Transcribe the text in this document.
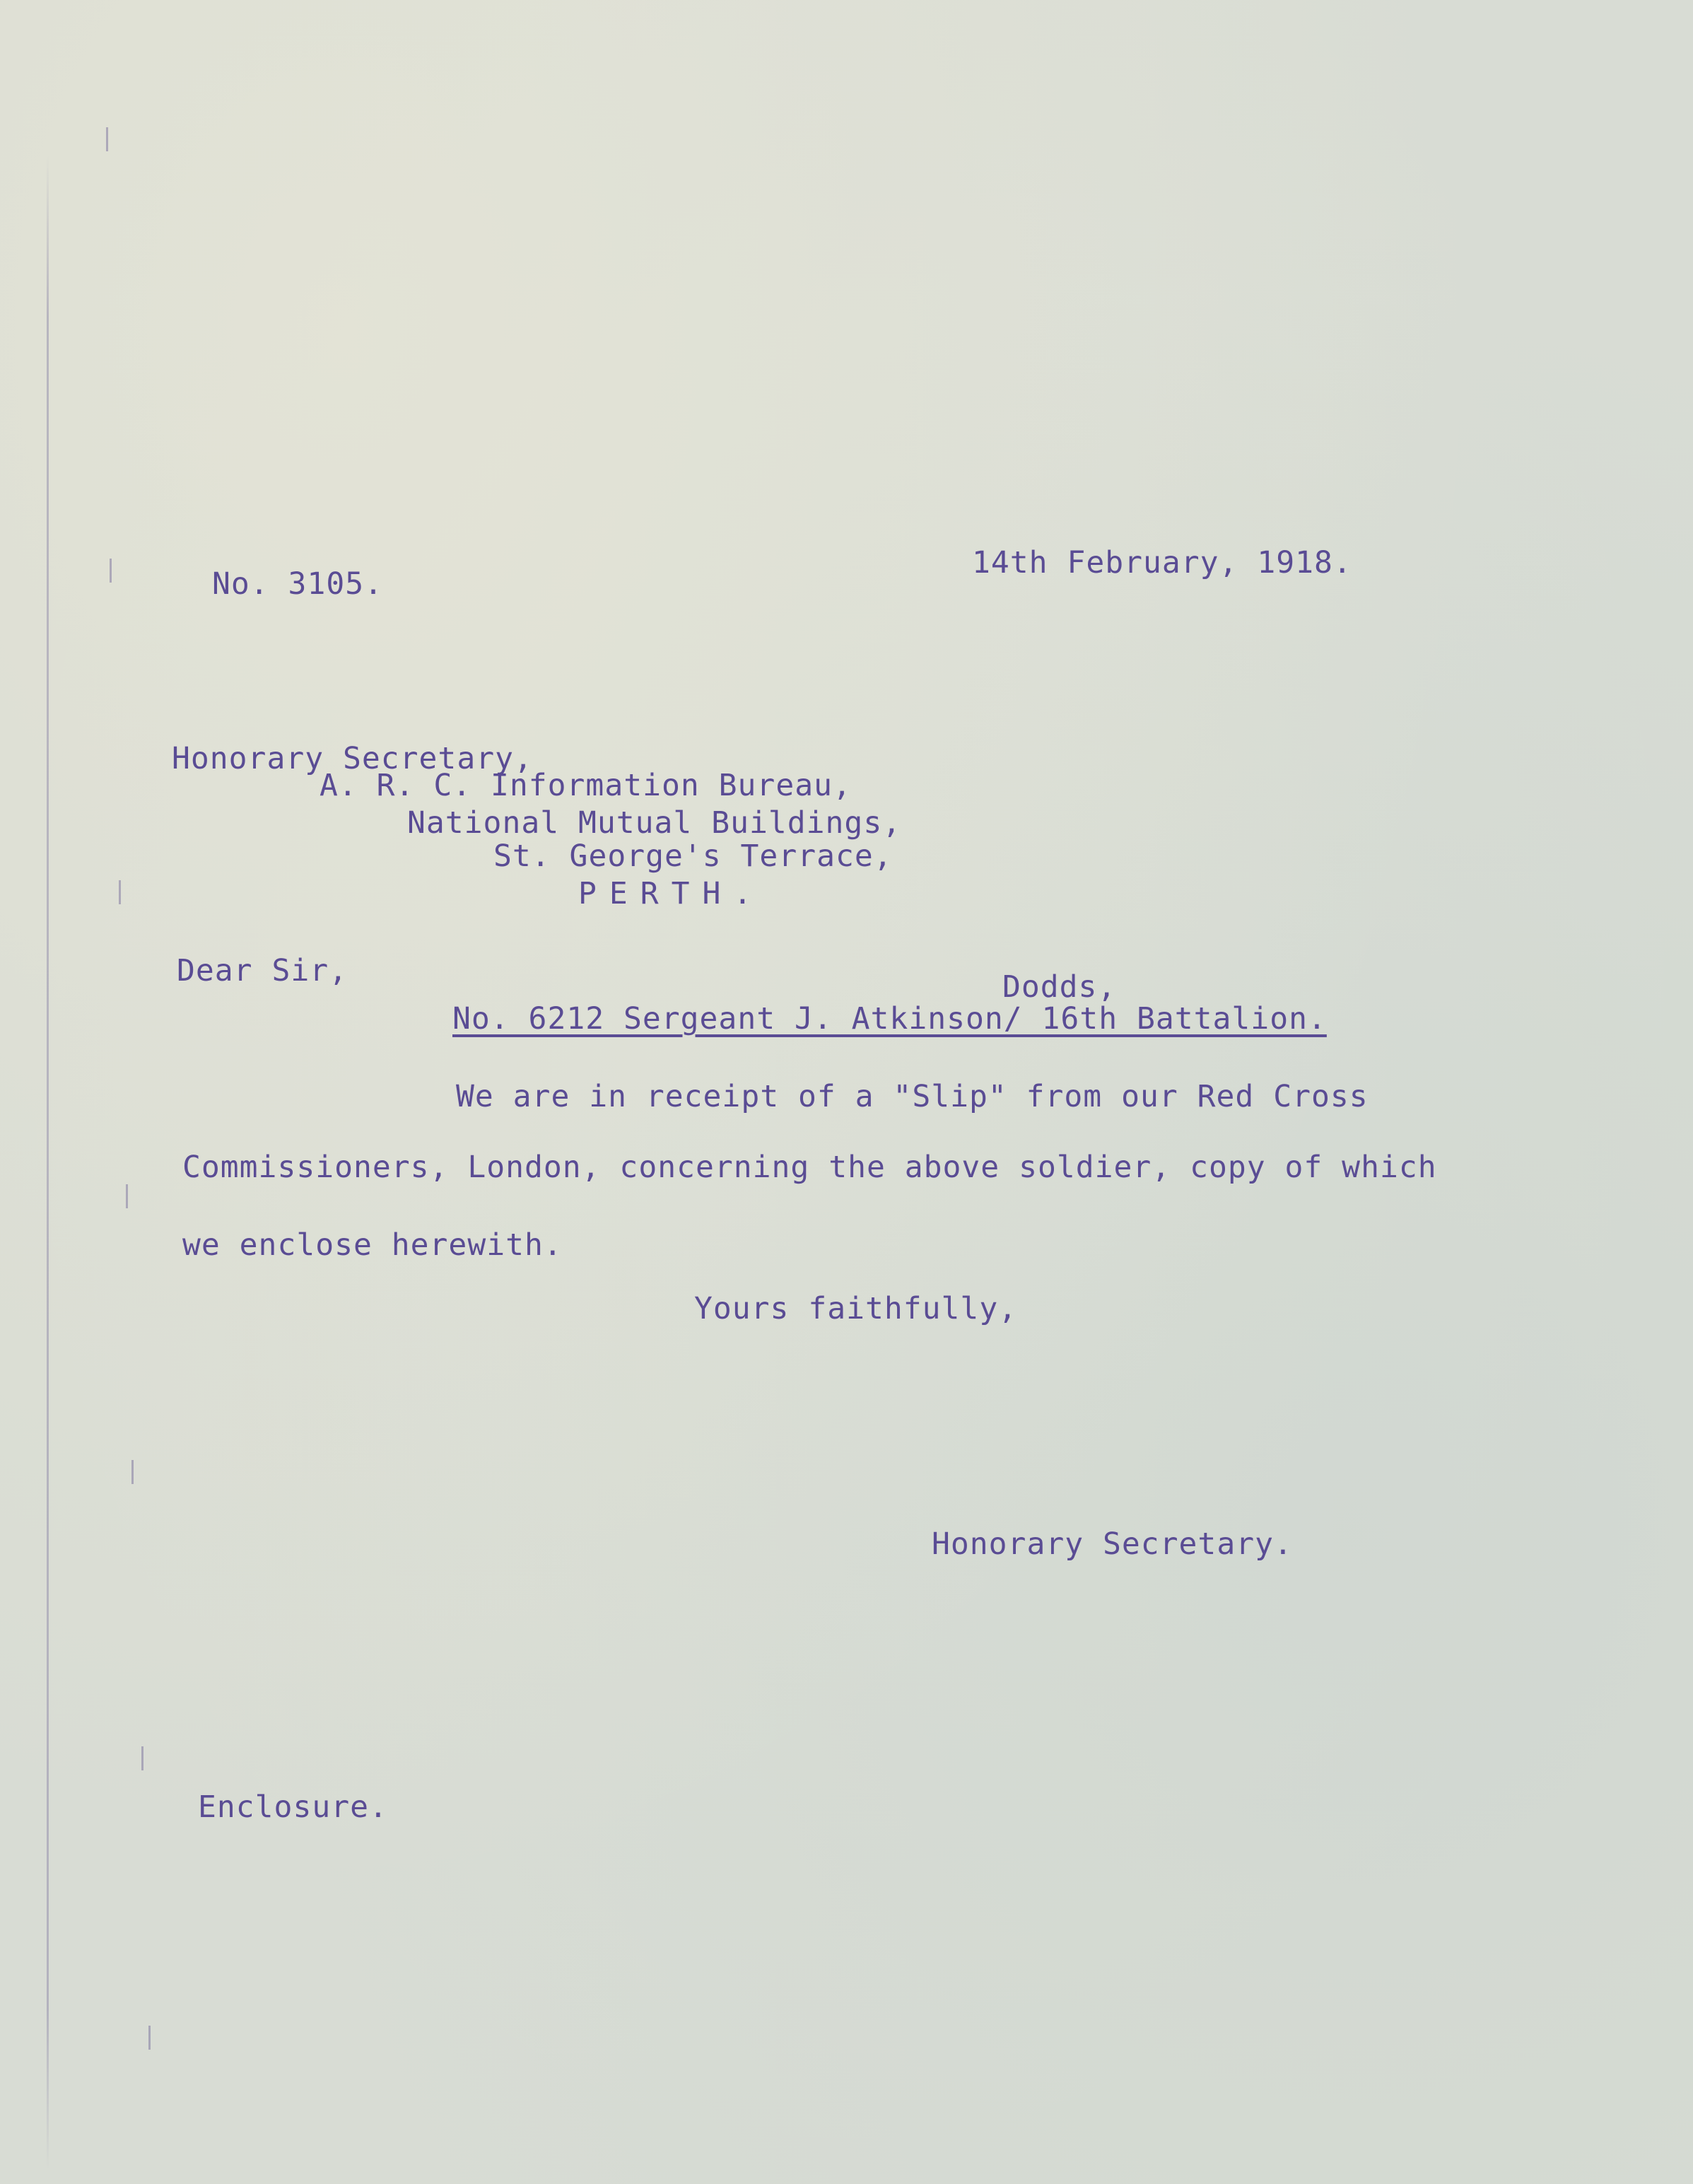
No. 3105.

14th February, 1918.

Honorary Secretary,

A. R. C. Information Bureau,

National Mutual Buildings,

St. George's Terrace,

PERTH.

Dear Sir,	Dodds,

No. 6212 Sergeant J. Atkinson/ 16th Battalion.

We are in receipt of a "Slip" from our Red Cross

Commissioners, London, concerning the above soldier, copy of which

we enclose herewith.

Yours faithfully,

Honorary Secretary.

Enclosure.
